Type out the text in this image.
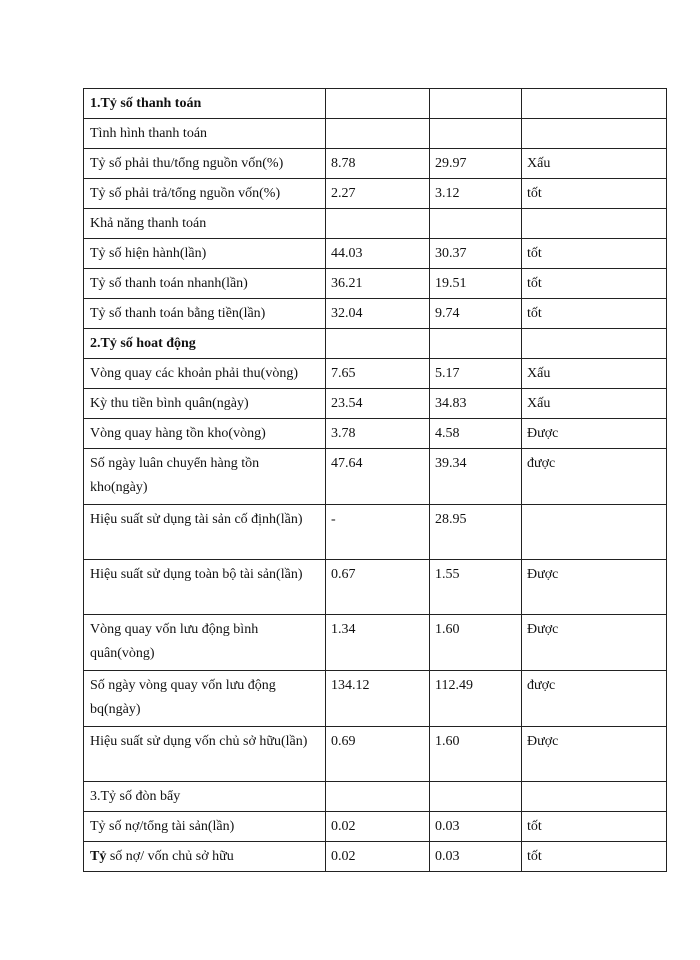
1.Tỷ số thanh toán			
Tình hình thanh toán			
Tỷ số phải thu/tổng nguồn vốn(%)	8.78	29.97	Xấu
Tỷ số phải trả/tổng nguồn vốn(%)	2.27	3.12	tốt
Khả năng thanh toán			
Tỷ số hiện hành(lần)	44.03	30.37	tốt
Tỷ số thanh toán nhanh(lần)	36.21	19.51	tốt
Tỷ số thanh toán bằng tiền(lần)	32.04	9.74	tốt
2.Tỷ số hoat động			
Vòng quay các khoản phải thu(vòng)	7.65	5.17	Xấu
Kỳ thu tiền bình quân(ngày)	23.54	34.83	Xấu
Vòng quay hàng tồn kho(vòng)	3.78	4.58	Được
Số ngày luân chuyển hàng tồn kho(ngày)	47.64	39.34	được
Hiệu suất sử dụng tài sản cố định(lần)	-	28.95	
Hiệu suất sử dụng toàn bộ tài sản(lần)	0.67	1.55	Được
Vòng quay vốn lưu động bình quân(vòng)	1.34	1.60	Được
Số ngày vòng quay vốn lưu động bq(ngày)	134.12	112.49	được
Hiệu suất sử dụng vốn chủ sở hữu(lần)	0.69	1.60	Được
3.Tỷ số đòn bẩy			
Tỷ số nợ/tổng tài sản(lần)	0.02	0.03	tốt
Tỷ số nợ/ vốn chủ sở hữu	0.02	0.03	tốt
